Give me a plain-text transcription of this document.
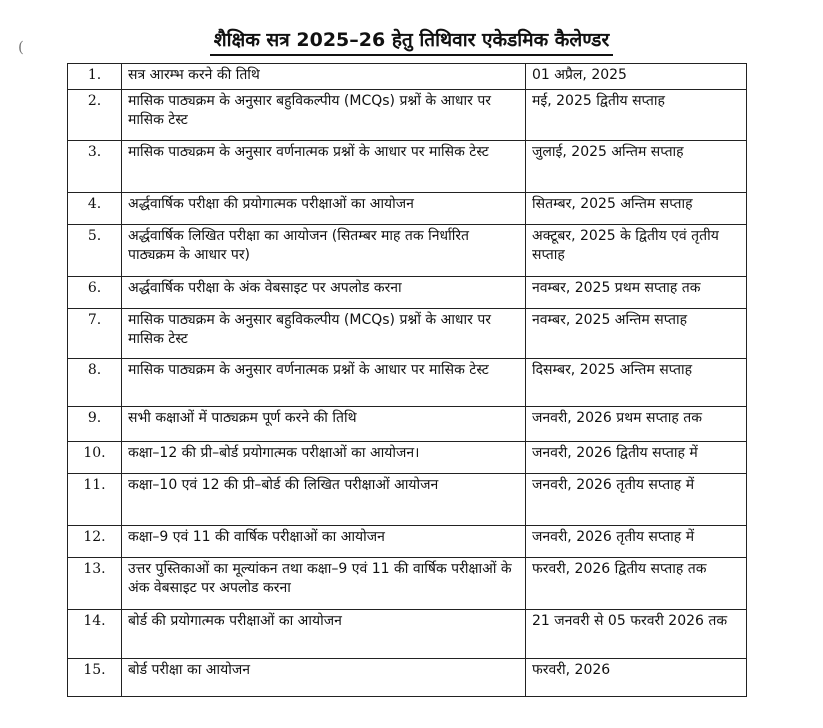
(	शैक्षिक सत्र 2025–26 हेतु तिथिवार एकेडमिक कैलेण्डर
1.	सत्र आरम्भ करने की तिथि	01 अप्रैल, 2025
2.	मासिक पाठ्यक्रम के अनुसार बहुविकल्पीय (MCQs) प्रश्नों के आधार पर मासिक टेस्ट	मई, 2025 द्वितीय सप्ताह
3.	मासिक पाठ्यक्रम के अनुसार वर्णनात्मक प्रश्नों के आधार पर मासिक टेस्ट	जुलाई, 2025 अन्तिम सप्ताह
4.	अर्द्धवार्षिक परीक्षा की प्रयोगात्मक परीक्षाओं का आयोजन	सितम्बर, 2025 अन्तिम सप्ताह
5.	अर्द्धवार्षिक लिखित परीक्षा का आयोजन (सितम्बर माह तक निर्धारित पाठ्यक्रम के आधार पर)	अक्टूबर, 2025 के द्वितीय एवं तृतीय सप्ताह
6.	अर्द्धवार्षिक परीक्षा के अंक वेबसाइट पर अपलोड करना	नवम्बर, 2025 प्रथम सप्ताह तक
7.	मासिक पाठ्यक्रम के अनुसार बहुविकल्पीय (MCQs) प्रश्नों के आधार पर मासिक टेस्ट	नवम्बर, 2025 अन्तिम सप्ताह
8.	मासिक पाठ्यक्रम के अनुसार वर्णनात्मक प्रश्नों के आधार पर मासिक टेस्ट	दिसम्बर, 2025 अन्तिम सप्ताह
9.	सभी कक्षाओं में पाठ्यक्रम पूर्ण करने की तिथि	जनवरी, 2026 प्रथम सप्ताह तक
10.	कक्षा–12 की प्री–बोर्ड प्रयोगात्मक परीक्षाओं का आयोजन।	जनवरी, 2026 द्वितीय सप्ताह में
11.	कक्षा–10 एवं 12 की प्री–बोर्ड की लिखित परीक्षाओं आयोजन	जनवरी, 2026 तृतीय सप्ताह में
12.	कक्षा–9 एवं 11 की वार्षिक परीक्षाओं का आयोजन	जनवरी, 2026 तृतीय सप्ताह में
13.	उत्तर पुस्तिकाओं का मूल्यांकन तथा कक्षा–9 एवं 11 की वार्षिक परीक्षाओं के अंक वेबसाइट पर अपलोड करना	फरवरी, 2026 द्वितीय सप्ताह तक
14.	बोर्ड की प्रयोगात्मक परीक्षाओं का आयोजन	21 जनवरी से 05 फरवरी 2026 तक
15.	बोर्ड परीक्षा का आयोजन	फरवरी, 2026
